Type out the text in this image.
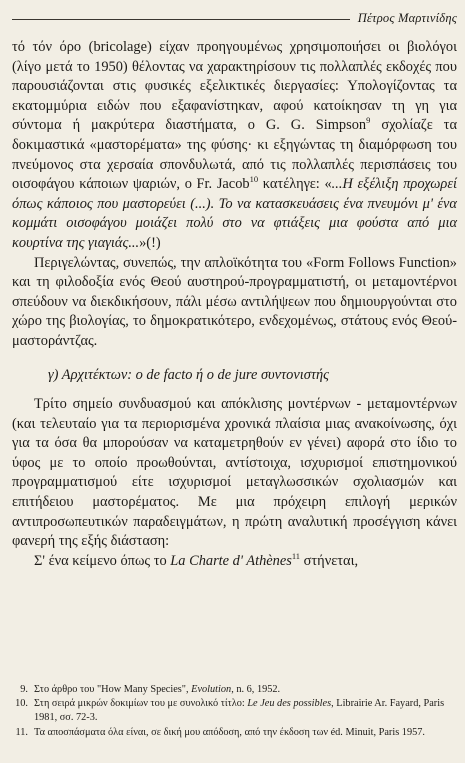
Πέτρος Μαρτινίδης

τό τόν όρο (bricolage) είχαν προηγουμένως χρησιμοποιήσει οι βιολόγοι (λίγο μετά το 1950) θέλοντας να χαρακτηρίσουν τις πολλαπλές εκδοχές που παρουσιάζονται στις φυσικές εξελικτικές διεργασίες: Υπολογίζοντας τα εκατομμύρια ειδών που εξαφανίστηκαν, αφού κατοίκησαν τη γη για σύντομα ή μακρύτερα διαστήματα, ο G. G. Simpson$^9$ σχολίαζε τα δοκιμαστικά «μαστορέματα» της φύσης· κι εξηγώντας τη διαμόρφωση του πνεύμονος στα χερσαία σπονδυλωτά, από τις πολλαπλές περισπάσεις του οισοφάγου κάποιων ψαριών, ο Fr. Jacob$^{10}$ κατέληγε: «...Η εξέλιξη προχωρεί όπως κάποιος που μαστορεύει (...). Το να κατασκευάσεις ένα πνευμόνι μ' ένα κομμάτι οισοφάγου μοιάζει πολύ στο να φτιάξεις μια φούστα από μια κουρτίνα της γιαγιάς...»(!)

Περιγελώντας, συνεπώς, την απλοϊκότητα του «Form Follows Function» και τη φιλοδοξία ενός Θεού αυστηρού-προγραμματιστή, οι μεταμοντέρνοι σπεύδουν να διεκδικήσουν, πάλι μέσω αντιλήψεων που δημιουργούνται στο χώρο της βιολογίας, το δημοκρατικότερο, ενδεχομένως, στάτους ενός Θεού-μαστοράντζας.

γ) Αρχιτέκτων: ο de facto ή ο de jure συντονιστής

Τρίτο σημείο συνδυασμού και απόκλισης μοντέρνων - μεταμοντέρνων (και τελευταίο για τα περιορισμένα χρονικά πλαίσια μιας ανακοίνωσης, όχι για τα όσα θα μπορούσαν να καταμετρηθούν εν γένει) αφορά στο ίδιο το ύφος με το οποίο προωθούνται, αντίστοιχα, ισχυρισμοί επιστημονικού προγραμματισμού είτε ισχυρισμοί μεταγλωσσικών σχολιασμών και επιτήδειου μαστορέματος. Με μια πρόχειρη επιλογή μερικών αντιπροσωπευτικών παραδειγμάτων, η πρώτη αναλυτική προσέγγιση κάνει φανερή της εξής διάσταση:

Σ' ένα κείμενο όπως το La Charte d' Athènes$^{11}$ στήνεται,

9. Στο άρθρο του "How Many Species", Evolution, n. 6, 1952.

10. Στη σειρά μικρών δοκιμίων του με συνολικό τίτλο: Le Jeu des possibles, Librairie Ar. Fayard, Paris 1981, σσ. 72-3.

11. Τα αποσπάσματα όλα είναι, σε δική μου απόδοση, από την έκδοση των éd. Minuit, Paris 1957.
